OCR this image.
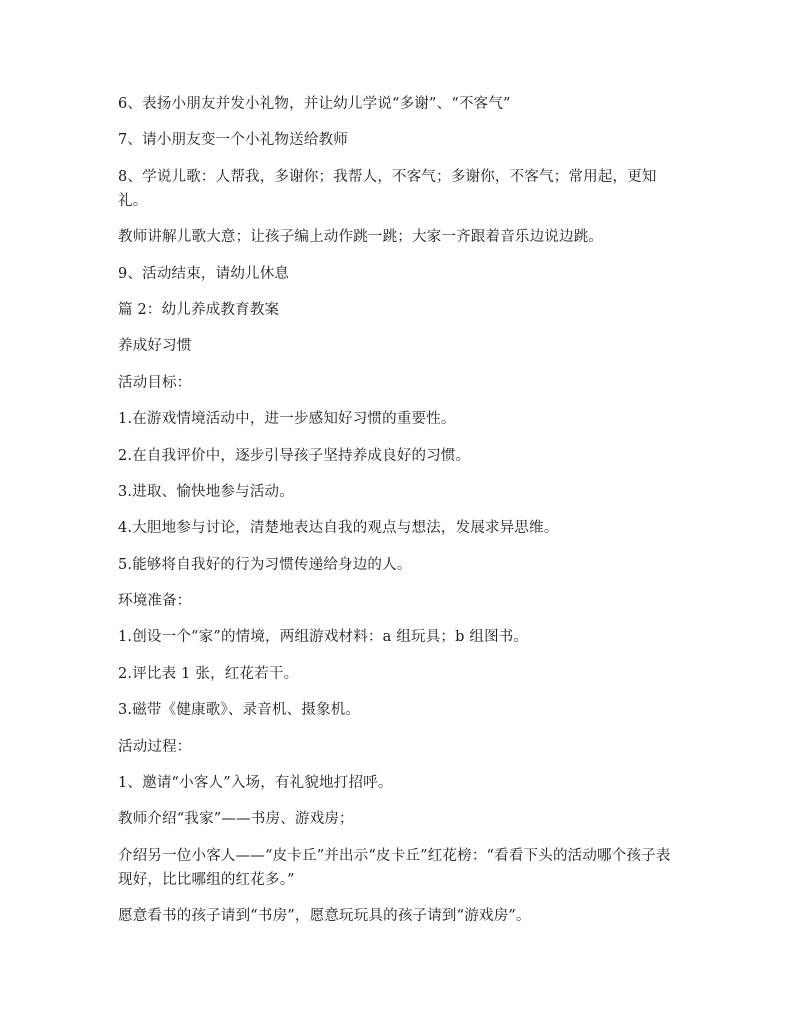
6、表扬小朋友并发小礼物，并让幼儿学说“多谢”、“不客气”

7、请小朋友变一个小礼物送给教师

8、学说儿歌：人帮我，多谢你；我帮人，不客气；多谢你，不客气；常用起，更知礼。

教师讲解儿歌大意；让孩子编上动作跳一跳；大家一齐跟着音乐边说边跳。

9、活动结束，请幼儿休息

篇 2：幼儿养成教育教案

养成好习惯

活动目标：

1.在游戏情境活动中，进一步感知好习惯的重要性。

2.在自我评价中，逐步引导孩子坚持养成良好的习惯。

3.进取、愉快地参与活动。

4.大胆地参与讨论，清楚地表达自我的观点与想法，发展求异思维。

5.能够将自我好的行为习惯传递给身边的人。

环境准备：

1.创设一个“家”的情境，两组游戏材料：a 组玩具；b 组图书。

2.评比表 1 张，红花若干。

3.磁带《健康歌》、录音机、摄象机。

活动过程：

1、邀请“小客人”入场，有礼貌地打招呼。

教师介绍“我家”——书房、游戏房；

介绍另一位小客人——“皮卡丘”并出示“皮卡丘”红花榜：“看看下头的活动哪个孩子表现好，比比哪组的红花多。”

愿意看书的孩子请到“书房”，愿意玩玩具的孩子请到“游戏房”。
